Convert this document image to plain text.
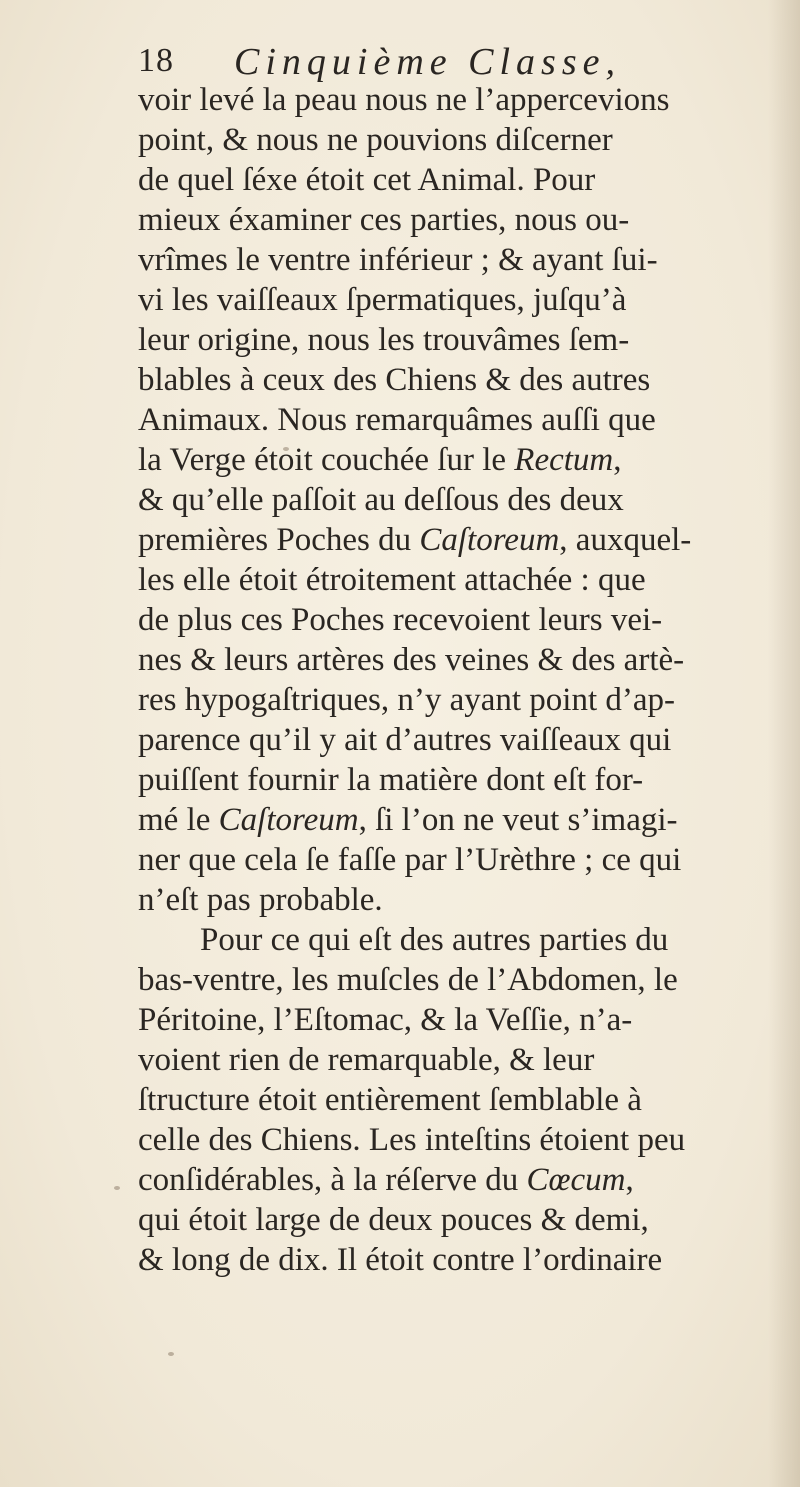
18 Cinquième Classe,
voir levé la peau nous ne l’appercevions
point, & nous ne pouvions diſcerner
de quel ſéxe étoit cet Animal. Pour
mieux éxaminer ces parties, nous ou-
vrîmes le ventre inférieur ; & ayant ſui-
vi les vaiſſeaux ſpermatiques, juſqu’à
leur origine, nous les trouvâmes ſem-
blables à ceux des Chiens & des autres
Animaux. Nous remarquâmes auſſi que
la Verge étoit couchée ſur le Rectum,
& qu’elle paſſoit au deſſous des deux
premières Poches du Caſtoreum, auxquel-
les elle étoit étroitement attachée : que
de plus ces Poches recevoient leurs vei-
nes & leurs artères des veines & des artè-
res hypogaſtriques, n’y ayant point d’ap-
parence qu’il y ait d’autres vaiſſeaux qui
puiſſent fournir la matière dont eſt for-
mé le Caſtoreum, ſi l’on ne veut s’imagi-
ner que cela ſe faſſe par l’Urèthre ; ce qui
n’eſt pas probable.
Pour ce qui eſt des autres parties du
bas-ventre, les muſcles de l’Abdomen, le
Péritoine, l’Eſtomac, & la Veſſie, n’a-
voient rien de remarquable, & leur
ſtructure étoit entièrement ſemblable à
celle des Chiens. Les inteſtins étoient peu
conſidérables, à la réſerve du Cœcum,
qui étoit large de deux pouces & demi,
& long de dix. Il étoit contre l’ordinaire
